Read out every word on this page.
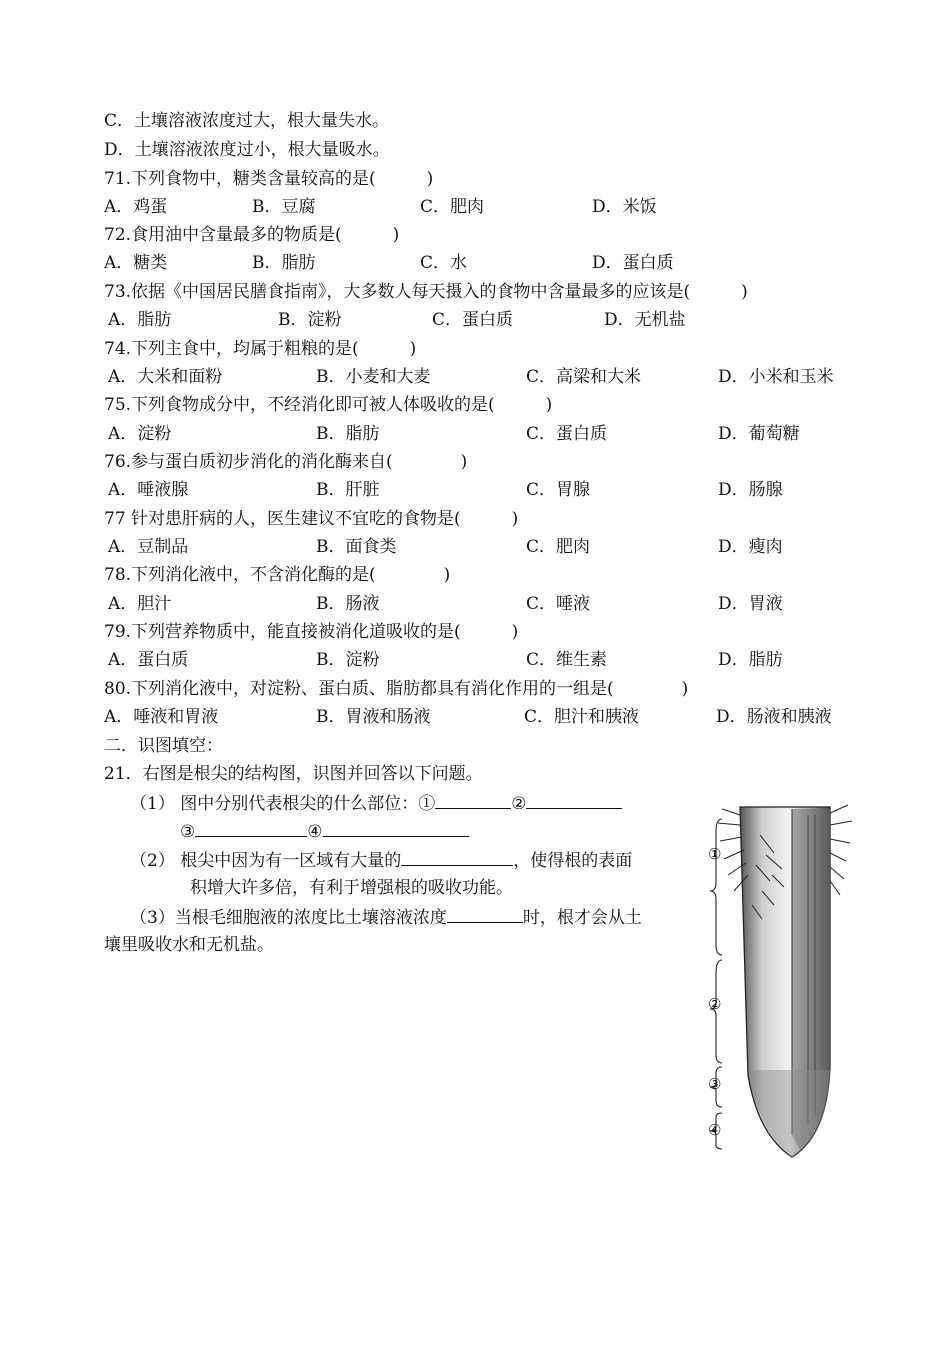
C．土壤溶液浓度过大，根大量失水。
D．土壤溶液浓度过小，根大量吸水。
71.下列食物中，糖类含量较高的是(　　　)
A．鸡蛋	B．豆腐	C．肥肉	D．米饭
72.食用油中含量最多的物质是(　　　)
A．糖类	B．脂肪	C．水	D．蛋白质
73.依据《中国居民膳食指南》，大多数人每天摄入的食物中含量最多的应该是(　　　)
A．脂肪	B．淀粉	C．蛋白质	D．无机盐
74.下列主食中，均属于粗粮的是(　　　)
A．大米和面粉	B．小麦和大麦	C．高梁和大米	D．小米和玉米
75.下列食物成分中，不经消化即可被人体吸收的是(　　　)
A．淀粉	B．脂肪	C．蛋白质	D．葡萄糖
76.参与蛋白质初步消化的消化酶来自(　　　　)
A．唾液腺	B．肝脏	C．胃腺	D．肠腺
77 针对患肝病的人，医生建议不宜吃的食物是(　　　)
A．豆制品	B．面食类	C．肥肉	D．瘦肉
78.下列消化液中，不含消化酶的是(　　　　)
A．胆汁	B．肠液	C．唾液	D．胃液
79.下列营养物质中，能直接被消化道吸收的是(　　　)
A．蛋白质	B．淀粉	C．维生素	D．脂肪
80.下列消化液中，对淀粉、蛋白质、脂肪都具有消化作用的一组是(　　　　)
A．唾液和胃液	B．胃液和肠液	C．胆汁和胰液	D．肠液和胰液
二．识图填空：
21．右图是根尖的结构图，识图并回答以下问题。
（1） 图中分别代表根尖的什么部位：①	②
③	④
（2） 根尖中因为有一区域有大量的	，使得根的表面
积增大许多倍，有利于增强根的吸收功能。
（3）当根毛细胞液的浓度比土壤溶液浓度	时，根才会从土
壤里吸收水和无机盐。
①
②
③
④
